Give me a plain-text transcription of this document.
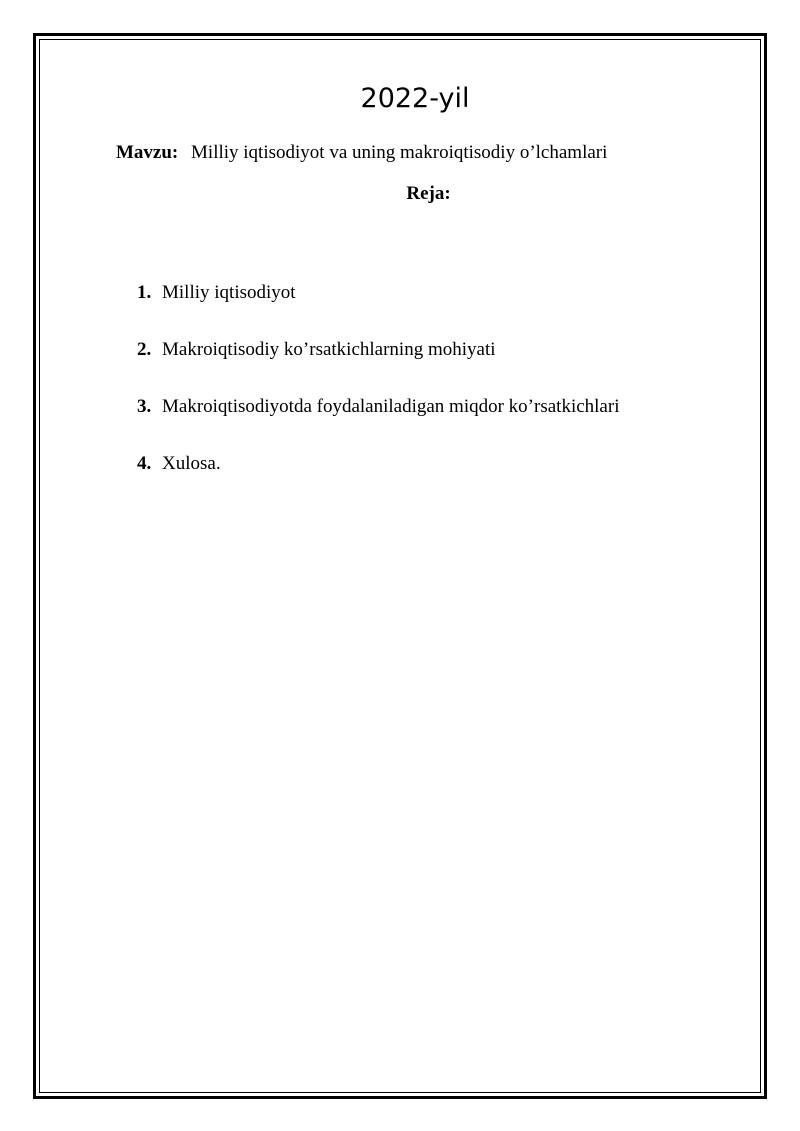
2022-yil
Mavzu: Milliy iqtisodiyot va uning makroiqtisodiy o’lchamlari
Reja:
1. Milliy iqtisodiyot
2. Makroiqtisodiy ko’rsatkichlarning mohiyati
3. Makroiqtisodiyotda foydalaniladigan miqdor ko’rsatkichlari
4. Xulosa.
